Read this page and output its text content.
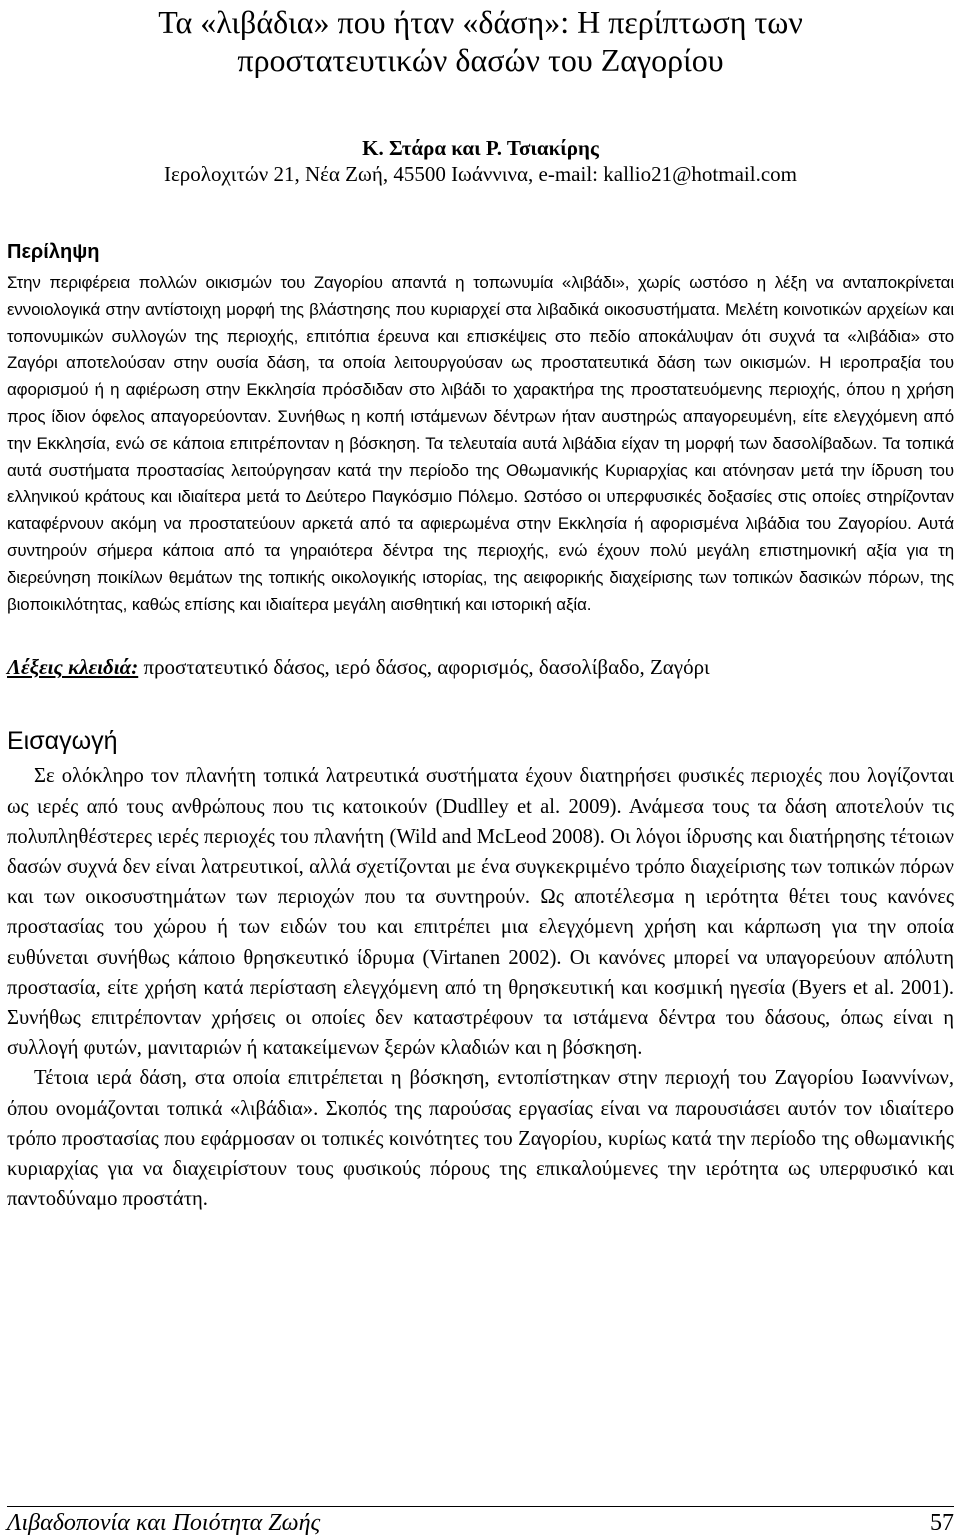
Τα «λιβάδια» που ήταν «δάση»: Η περίπτωση των
προστατευτικών δασών του Ζαγορίου

Κ. Στάρα και Ρ. Τσιακίρης

Ιερολοχιτών 21, Νέα Ζωή, 45500 Ιωάννινα, e-mail: kallio21@hotmail.com

Περίληψη

Στην περιφέρεια πολλών οικισμών του Ζαγορίου απαντά η τοπωνυμία «λιβάδι», χωρίς ωστόσο η λέξη να ανταποκρίνεται εννοιολογικά στην αντίστοιχη μορφή της βλάστησης που κυριαρχεί στα λιβαδικά οικοσυστήματα. Μελέτη κοινοτικών αρχείων και τοπονυμικών συλλογών της περιοχής, επιτόπια έρευνα και επισκέψεις στο πεδίο αποκάλυψαν ότι συχνά τα «λιβάδια» στο Ζαγόρι αποτελούσαν στην ουσία δάση, τα οποία λειτουργούσαν ως προστατευτικά δάση των οικισμών. Η ιεροπραξία του αφορισμού ή η αφιέρωση στην Εκκλησία πρόσδιδαν στο λιβάδι το χαρακτήρα της προστατευόμενης περιοχής, όπου η χρήση προς ίδιον όφελος απαγορεύονταν. Συνήθως η κοπή ιστάμενων δέντρων ήταν αυστηρώς απαγορευμένη, είτε ελεγχόμενη από την Εκκλησία, ενώ σε κάποια επιτρέπονταν η βόσκηση. Τα τελευταία αυτά λιβάδια είχαν τη μορφή των δασολίβαδων. Τα τοπικά αυτά συστήματα προστασίας λειτούργησαν κατά την περίοδο της Οθωμανικής Κυριαρχίας και ατόνησαν μετά την ίδρυση του ελληνικού κράτους και ιδιαίτερα μετά το Δεύτερο Παγκόσμιο Πόλεμο. Ωστόσο οι υπερφυσικές δοξασίες στις οποίες στηρίζονταν καταφέρνουν ακόμη να προστατεύουν αρκετά από τα αφιερωμένα στην Εκκλησία ή αφορισμένα λιβάδια του Ζαγορίου. Αυτά συντηρούν σήμερα κάποια από τα γηραιότερα δέντρα της περιοχής, ενώ έχουν πολύ μεγάλη επιστημονική αξία για τη διερεύνηση ποικίλων θεμάτων της τοπικής οικολογικής ιστορίας, της αειφορικής διαχείρισης των τοπικών δασικών πόρων, της βιοποικιλότητας, καθώς επίσης και ιδιαίτερα μεγάλη αισθητική και ιστορική αξία.

Λέξεις κλειδιά: προστατευτικό δάσος, ιερό δάσος, αφορισμός, δασολίβαδο, Ζαγόρι

Εισαγωγή

Σε ολόκληρο τον πλανήτη τοπικά λατρευτικά συστήματα έχουν διατηρήσει φυσικές περιοχές που λογίζονται ως ιερές από τους ανθρώπους που τις κατοικούν (Dudlley et al. 2009). Ανάμεσα τους τα δάση αποτελούν τις πολυπληθέστερες ιερές περιοχές του πλανήτη (Wild and McLeod 2008). Οι λόγοι ίδρυσης και διατήρησης τέτοιων δασών συχνά δεν είναι λατρευτικοί, αλλά σχετίζονται με ένα συγκεκριμένο τρόπο διαχείρισης των τοπικών πόρων και των οικοσυστημάτων των περιοχών που τα συντηρούν. Ως αποτέλεσμα η ιερότητα θέτει τους κανόνες προστασίας του χώρου ή των ειδών του και επιτρέπει μια ελεγχόμενη χρήση και κάρπωση για την οποία ευθύνεται συνήθως κάποιο θρησκευτικό ίδρυμα (Virtanen 2002). Οι κανόνες μπορεί να υπαγορεύουν απόλυτη προστασία, είτε χρήση κατά περίσταση ελεγχόμενη από τη θρησκευτική και κοσμική ηγεσία (Byers et al. 2001). Συνήθως επιτρέπονταν χρήσεις οι οποίες δεν καταστρέφουν τα ιστάμενα δέντρα του δάσους, όπως είναι η συλλογή φυτών, μανιταριών ή κατακείμενων ξερών κλαδιών και η βόσκηση.

Τέτοια ιερά δάση, στα οποία επιτρέπεται η βόσκηση, εντοπίστηκαν στην περιοχή του Ζαγορίου Ιωαννίνων, όπου ονομάζονται τοπικά «λιβάδια». Σκοπός της παρούσας εργασίας είναι να παρουσιάσει αυτόν τον ιδιαίτερο τρόπο προστασίας που εφάρμοσαν οι τοπικές κοινότητες του Ζαγορίου, κυρίως κατά την περίοδο της οθωμανικής κυριαρχίας για να διαχειρίστουν τους φυσικούς πόρους της επικαλούμενες την ιερότητα ως υπερφυσικό και παντοδύναμο προστάτη.

Λιβαδοπονία και Ποιότητα Ζωής	57
